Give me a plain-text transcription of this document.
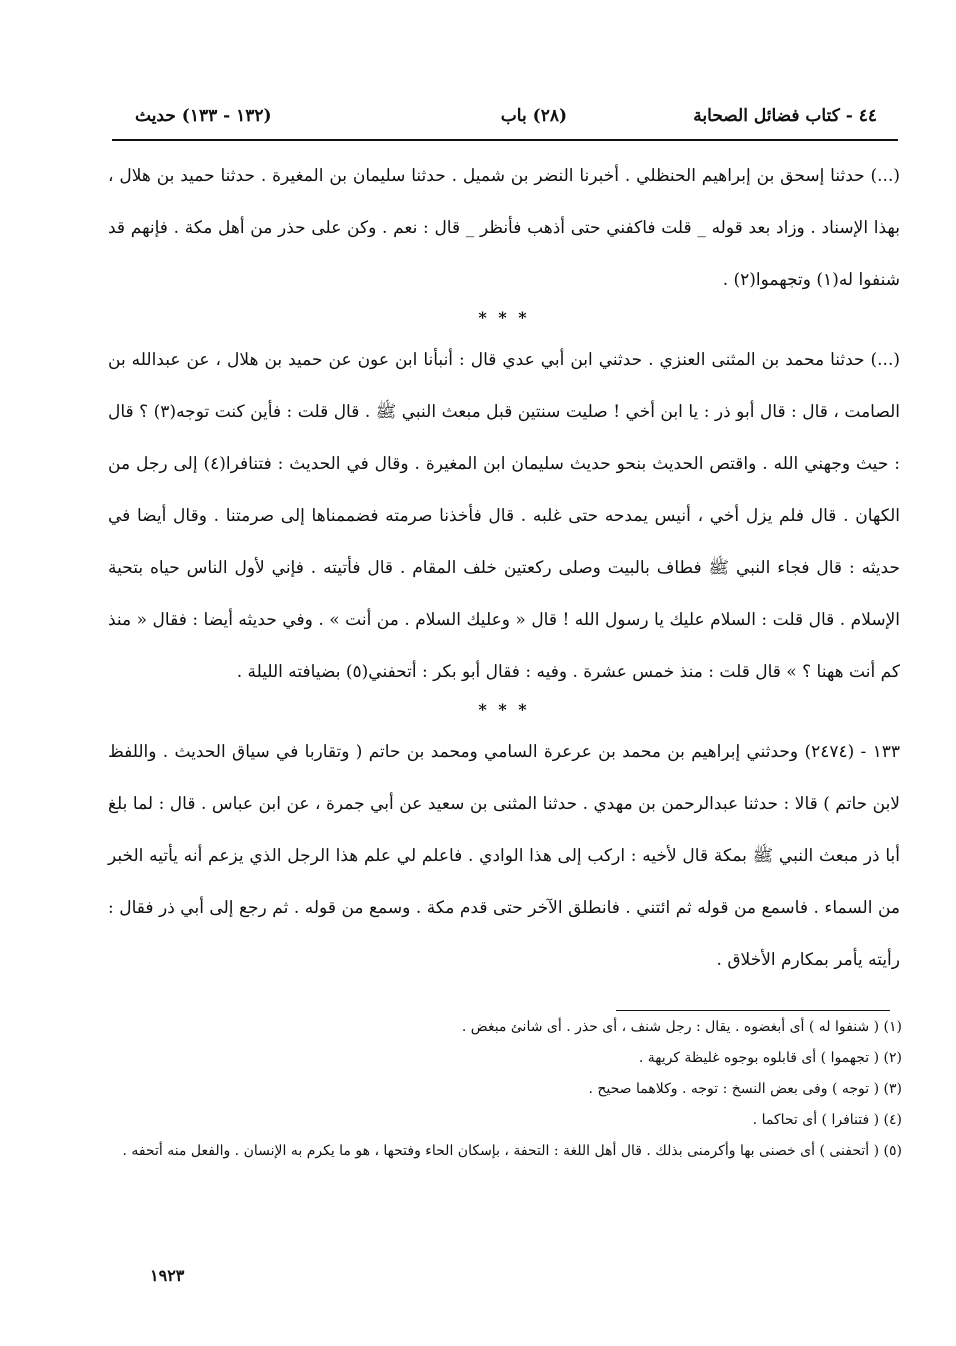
٤٤ - كتاب فضائل الصحابة
(٢٨) باب
(١٣٢ - ١٣٣) حديث

(...) حدثنا إسحق بن إبراهيم الحنظلي . أخبرنا النضر بن شميل . حدثنا سليمان بن المغيرة . حدثنا حميد بن هلال ، بهذا الإسناد . وزاد بعد قوله _ قلت فاكفني حتى أذهب فأنظر _ قال : نعم . وكن على حذر من أهل مكة . فإنهم قد شنفوا له(١) وتجهموا(٢) .

* * *

(...) حدثنا محمد بن المثنى العنزي . حدثني ابن أبي عدي قال : أنبأنا ابن عون عن حميد بن هلال ، عن عبدالله بن الصامت ، قال : قال أبو ذر : يا ابن أخي ! صليت سنتين قبل مبعث النبي ﷺ . قال قلت : فأين كنت توجه(٣) ؟ قال : حيث وجهني الله . واقتص الحديث بنحو حديث سليمان ابن المغيرة . وقال في الحديث : فتنافرا(٤) إلى رجل من الكهان . قال فلم يزل أخي ، أنيس يمدحه حتى غلبه . قال فأخذنا صرمته فضممناها إلى صرمتنا . وقال أيضا في حديثه : قال فجاء النبي ﷺ فطاف بالبيت وصلى ركعتين خلف المقام . قال فأتيته . فإني لأول الناس حياه بتحية الإسلام . قال قلت : السلام عليك يا رسول الله ! قال « وعليك السلام . من أنت » . وفي حديثه أيضا : فقال « منذ كم أنت ههنا ؟ » قال قلت : منذ خمس عشرة . وفيه : فقال أبو بكر : أتحفني(٥) بضيافته الليلة .

* * *

١٣٣ - (٢٤٧٤) وحدثني إبراهيم بن محمد بن عرعرة السامي ومحمد بن حاتم ( وتقاربا في سياق الحديث . واللفظ لابن حاتم ) قالا : حدثنا عبدالرحمن بن مهدي . حدثنا المثنى بن سعيد عن أبي جمرة ، عن ابن عباس . قال : لما بلغ أبا ذر مبعث النبي ﷺ بمكة قال لأخيه : اركب إلى هذا الوادي . فاعلم لي علم هذا الرجل الذي يزعم أنه يأتيه الخبر من السماء . فاسمع من قوله ثم ائتني . فانطلق الآخر حتى قدم مكة . وسمع من قوله . ثم رجع إلى أبي ذر فقال : رأيته يأمر بمكارم الأخلاق .

(١) ( شنفوا له ) أى أبغضوه . يقال : رجل شنف ، أى حذر . أى شانئ مبغض .

(٢) ( تجهموا ) أى قابلوه بوجوه غليظة كريهة .

(٣) ( توجه ) وفى بعض النسخ : توجه . وكلاهما صحيح .

(٤) ( فتنافرا ) أى تحاكما .

(٥) ( أتحفنى ) أى خصنى بها وأكرمنى بذلك . قال أهل اللغة : التحفة ، بإسكان الحاء وفتحها ، هو ما يكرم به الإنسان . والفعل منه أتحفه .

١٩٢٣
